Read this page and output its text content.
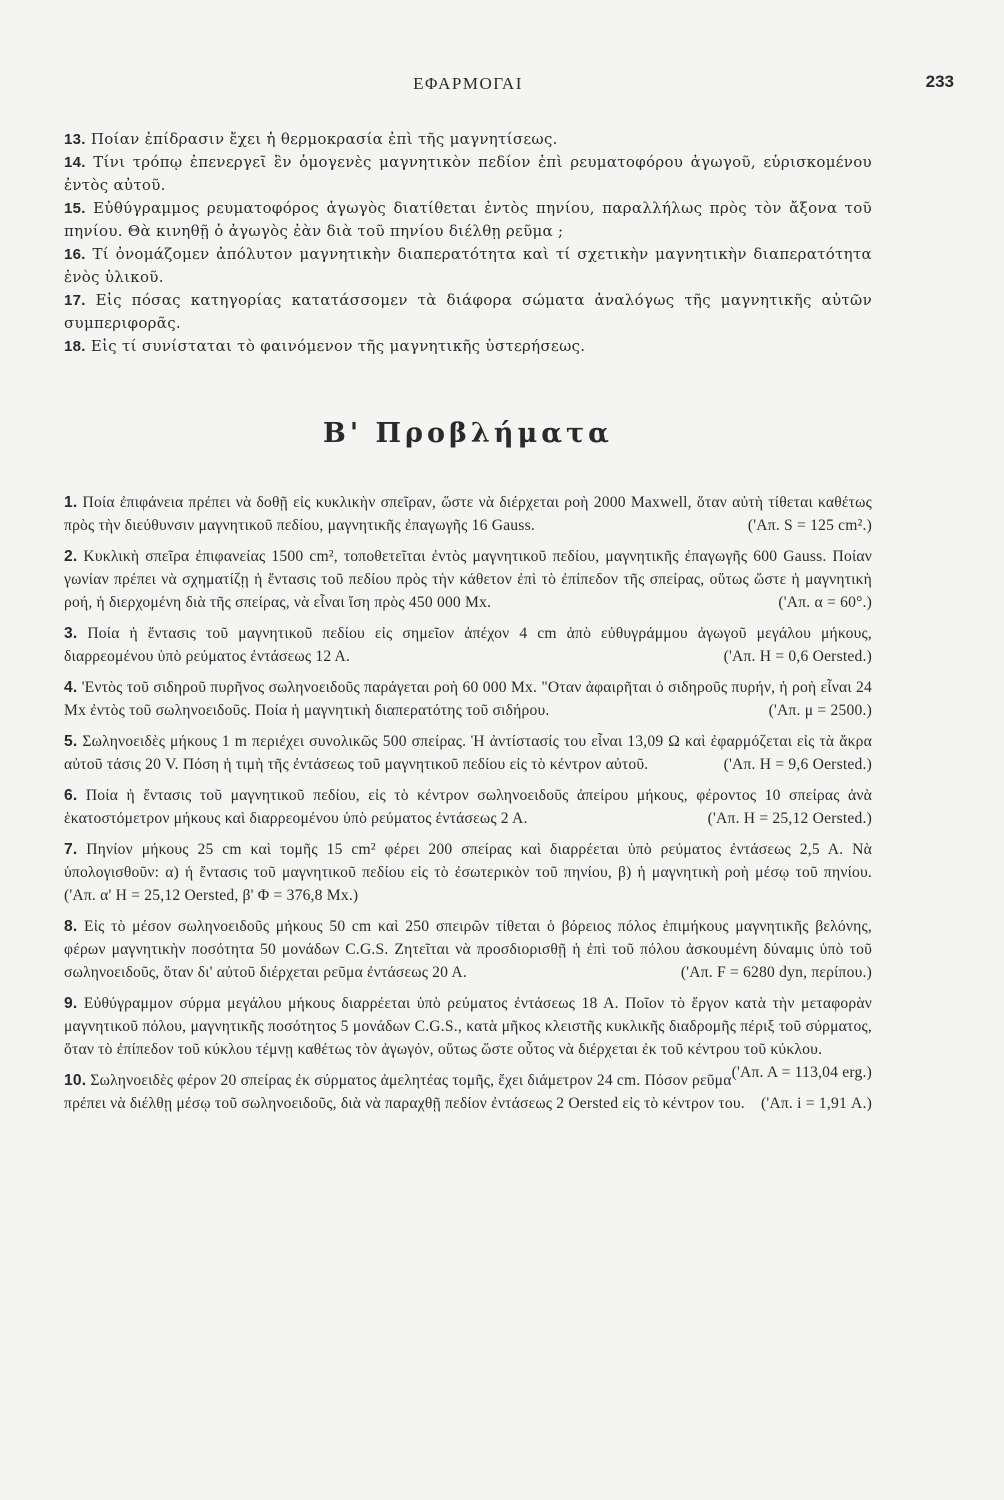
ΕΦΑΡΜΟΓΑΙ	233

13. Ποίαν ἐπίδρασιν ἔχει ἡ θερμοκρασία ἐπὶ τῆς μαγνητίσεως.

14. Τίνι τρόπῳ ἐπενεργεῖ ἓν ὁμογενὲς μαγνητικὸν πεδίον ἐπὶ ρευματοφόρου ἀγωγοῦ, εὑρισκομένου ἐντὸς αὐτοῦ.

15. Εὐθύγραμμος ρευματοφόρος ἀγωγὸς διατίθεται ἐντὸς πηνίου, παραλλήλως πρὸς τὸν ἄξονα τοῦ πηνίου. Θὰ κινηθῇ ὁ ἀγωγὸς ἐὰν διὰ τοῦ πηνίου διέλθῃ ρεῦμα ;

16. Τί ὀνομάζομεν ἀπόλυτον μαγνητικὴν διαπερατότητα καὶ τί σχετικὴν μαγνητικὴν διαπερατότητα ἑνὸς ὑλικοῦ.

17. Εἰς πόσας κατηγορίας κατατάσσομεν τὰ διάφορα σώματα ἀναλόγως τῆς μαγνητικῆς αὐτῶν συμπεριφορᾶς.

18. Εἰς τί συνίσταται τὸ φαινόμενον τῆς μαγνητικῆς ὑστερήσεως.

Β' Προβλήματα

1. Ποία ἐπιφάνεια πρέπει νὰ δοθῇ εἰς κυκλικὴν σπεῖραν, ὥστε νὰ διέρχεται ροὴ 2000 Maxwell, ὅταν αὐτὴ τίθεται καθέτως πρὸς τὴν διεύθυνσιν μαγνητικοῦ πεδίου, μαγνητικῆς ἐπαγωγῆς 16 Gauss.	('Απ. S = 125 cm².)

2. Κυκλικὴ σπεῖρα ἐπιφανείας 1500 cm², τοποθετεῖται ἐντὸς μαγνητικοῦ πεδίου, μαγνητικῆς ἐπαγωγῆς 600 Gauss. Ποίαν γωνίαν πρέπει νὰ σχηματίζῃ ἡ ἔντασις τοῦ πεδίου πρὸς τὴν κάθετον ἐπὶ τὸ ἐπίπεδον τῆς σπείρας, οὕτως ὥστε ἡ μαγνητικὴ ροή, ἡ διερχομένη διὰ τῆς σπείρας, νὰ εἶναι ἴση πρὸς 450 000 Mx.	('Απ. α = 60°.)

3. Ποία ἡ ἔντασις τοῦ μαγνητικοῦ πεδίου εἰς σημεῖον ἀπέχον 4 cm ἀπὸ εὐθυγράμμου ἀγωγοῦ μεγάλου μήκους, διαρρεομένου ὑπὸ ρεύματος ἐντάσεως 12 Α.	('Απ. Η = 0,6 Oersted.)

4. 'Εντὸς τοῦ σιδηροῦ πυρῆνος σωληνοειδοῦς παράγεται ροὴ 60 000 Mx. "Οταν ἀφαιρῆται ὁ σιδηροῦς πυρήν, ἡ ροὴ εἶναι 24 Mx ἐντὸς τοῦ σωληνοειδοῦς. Ποία ἡ μαγνητικὴ διαπερατότης τοῦ σιδήρου.	('Απ. μ = 2500.)

5. Σωληνοειδὲς μήκους 1 m περιέχει συνολικῶς 500 σπείρας. Ἡ ἀντίστασίς του εἶναι 13,09 Ω καὶ ἐφαρμόζεται εἰς τὰ ἄκρα αὐτοῦ τάσις 20 V. Πόση ἡ τιμὴ τῆς ἐντάσεως τοῦ μαγνητικοῦ πεδίου εἰς τὸ κέντρον αὐτοῦ.	('Απ. Η = 9,6 Oersted.)

6. Ποία ἡ ἔντασις τοῦ μαγνητικοῦ πεδίου, εἰς τὸ κέντρον σωληνοειδοῦς ἀπείρου μήκους, φέροντος 10 σπείρας ἀνὰ ἑκατοστόμετρον μήκους καὶ διαρρεομένου ὑπὸ ρεύματος ἐντάσεως 2 Α.	('Απ. Η = 25,12 Oersted.)

7. Πηνίον μήκους 25 cm καὶ τομῆς 15 cm² φέρει 200 σπείρας καὶ διαρρέεται ὑπὸ ρεύματος ἐντάσεως 2,5 Α. Νὰ ὑπολογισθοῦν: α) ἡ ἔντασις τοῦ μαγνητικοῦ πεδίου εἰς τὸ ἐσωτερικὸν τοῦ πηνίου, β) ἡ μαγνητικὴ ροὴ μέσῳ τοῦ πηνίου. ('Απ. α' Η = 25,12 Oersted, β' Φ = 376,8 Mx.)

8. Εἰς τὸ μέσον σωληνοειδοῦς μήκους 50 cm καὶ 250 σπειρῶν τίθεται ὁ βόρειος πόλος ἐπιμήκους μαγνητικῆς βελόνης, φέρων μαγνητικὴν ποσότητα 50 μονάδων C.G.S. Ζητεῖται νὰ προσδιορισθῇ ἡ ἐπὶ τοῦ πόλου ἀσκουμένη δύναμις ὑπὸ τοῦ σωληνοειδοῦς, ὅταν δι' αὐτοῦ διέρχεται ρεῦμα ἐντάσεως 20 Α.	('Απ. F = 6280 dyn, περίπου.)

9. Εὐθύγραμμον σύρμα μεγάλου μήκους διαρρέεται ὑπὸ ρεύματος ἐντάσεως 18 Α. Ποῖον τὸ ἔργον κατὰ τὴν μεταφορὰν μαγνητικοῦ πόλου, μαγνητικῆς ποσότητος 5 μονάδων C.G.S., κατὰ μῆκος κλειστῆς κυκλικῆς διαδρομῆς πέριξ τοῦ σύρματος, ὅταν τὸ ἐπίπεδον τοῦ κύκλου τέμνῃ καθέτως τὸν ἀγωγόν, οὕτως ὥστε οὗτος νὰ διέρχεται ἐκ τοῦ κέντρου τοῦ κύκλου.
('Απ. Α = 113,04 erg.)

10. Σωληνοειδὲς φέρον 20 σπείρας ἐκ σύρματος ἀμελητέας τομῆς, ἔχει διάμετρον 24 cm. Πόσον ρεῦμα πρέπει νὰ διέλθῃ μέσῳ τοῦ σωληνοειδοῦς, διὰ νὰ παραχθῇ πεδίον ἐντάσεως 2 Oersted εἰς τὸ κέντρον του. ('Απ. i = 1,91 Α.)
